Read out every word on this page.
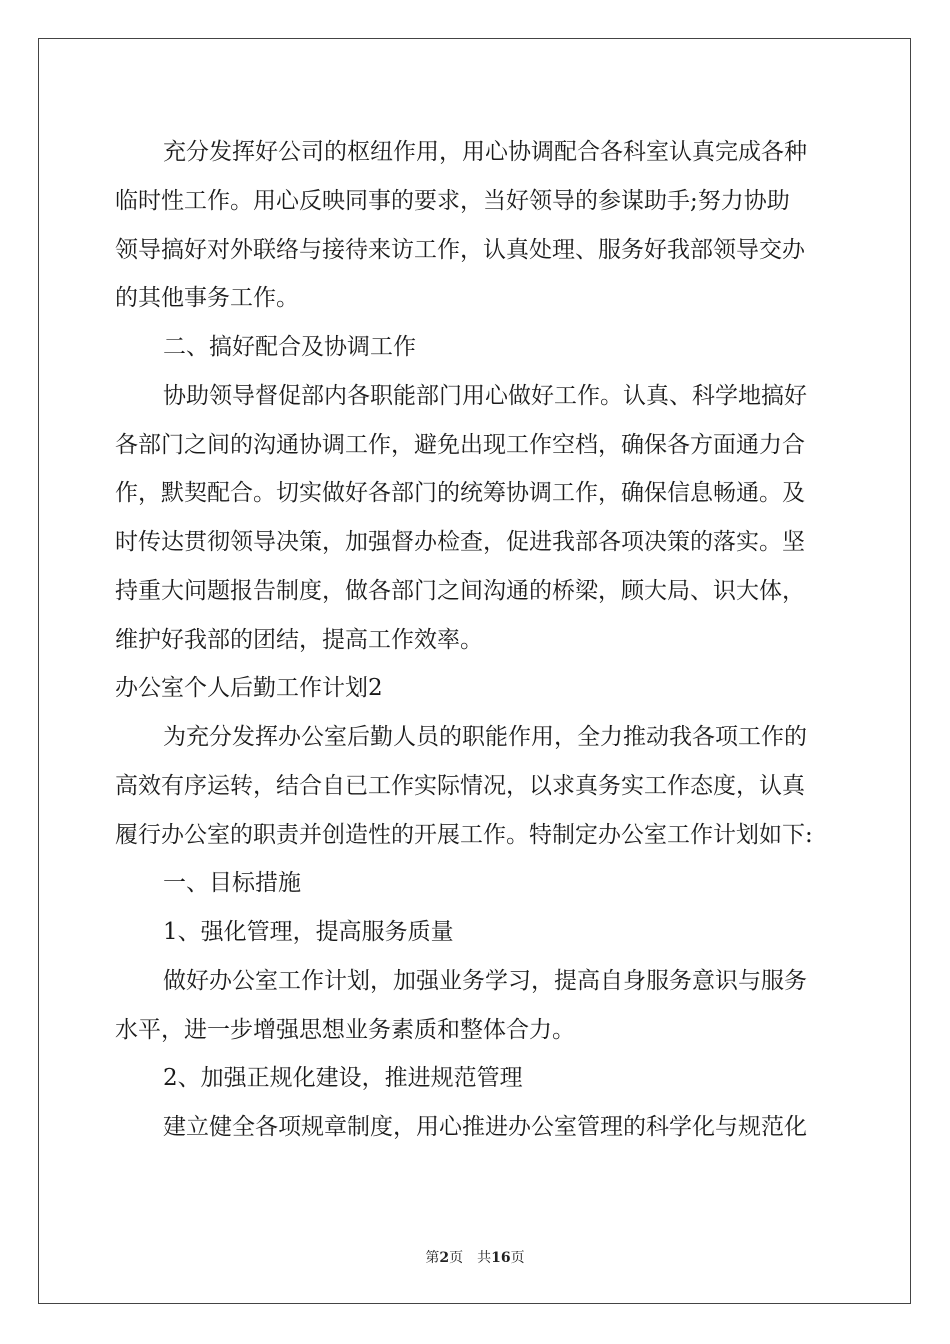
充分发挥好公司的枢纽作用，用心协调配合各科室认真完成各种
临时性工作。用心反映同事的要求，当好领导的参谋助手;努力协助
领导搞好对外联络与接待来访工作，认真处理、服务好我部领导交办
的其他事务工作。
二、搞好配合及协调工作
协助领导督促部内各职能部门用心做好工作。认真、科学地搞好
各部门之间的沟通协调工作，避免出现工作空档，确保各方面通力合
作，默契配合。切实做好各部门的统筹协调工作，确保信息畅通。及
时传达贯彻领导决策，加强督办检查，促进我部各项决策的落实。坚
持重大问题报告制度，做各部门之间沟通的桥梁，顾大局、识大体，
维护好我部的团结，提高工作效率。
办公室个人后勤工作计划2
为充分发挥办公室后勤人员的职能作用，全力推动我各项工作的
高效有序运转，结合自已工作实际情况，以求真务实工作态度，认真
履行办公室的职责并创造性的开展工作。特制定办公室工作计划如下:
一、目标措施
1、强化管理，提高服务质量
做好办公室工作计划，加强业务学习，提高自身服务意识与服务
水平，进一步增强思想业务素质和整体合力。
2、加强正规化建设，推进规范管理
建立健全各项规章制度，用心推进办公室管理的科学化与规范化
第2页 共16页
